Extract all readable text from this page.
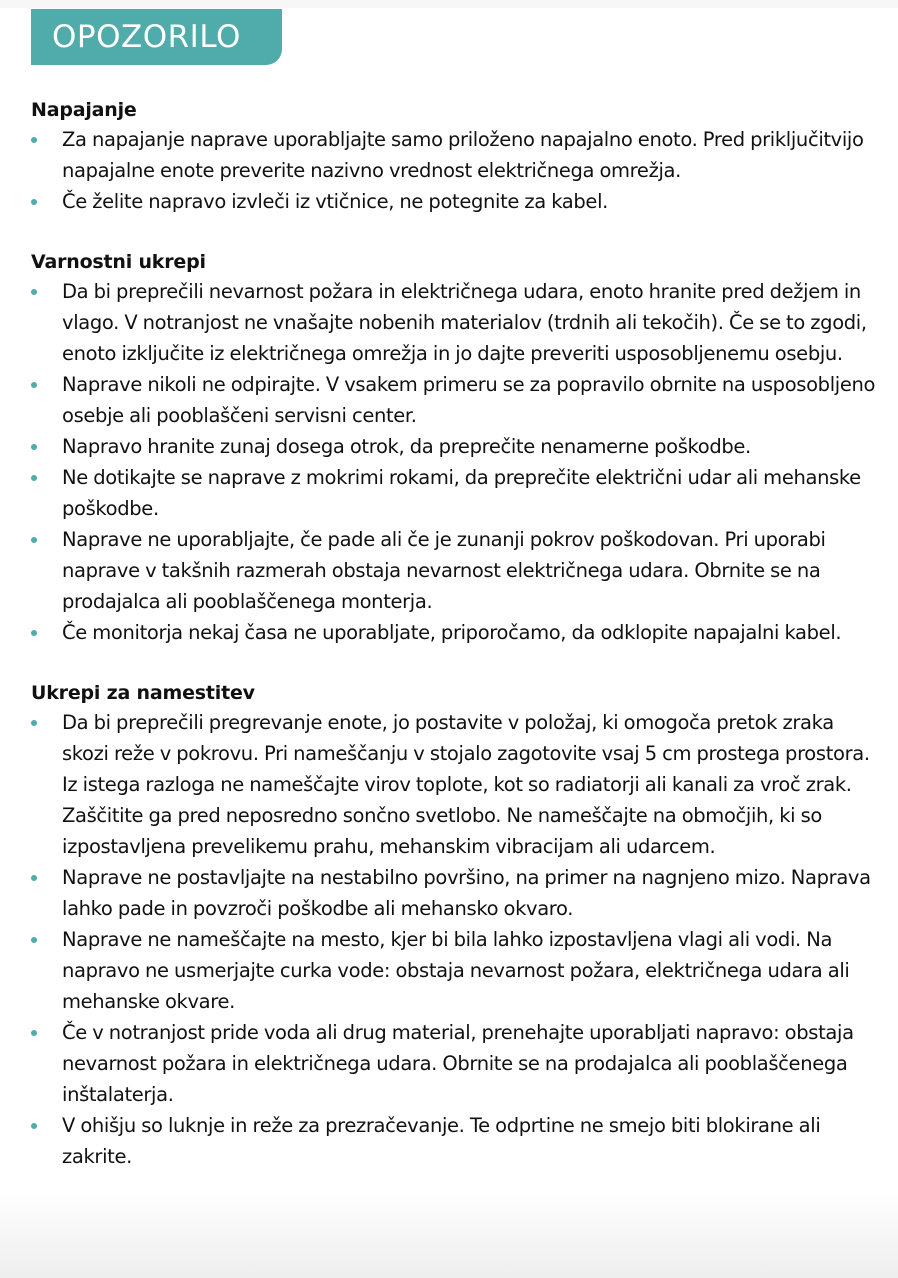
OPOZORILO
Napajanje
Za napajanje naprave uporabljajte samo priloženo napajalno enoto. Pred priključitvijo napajalne enote preverite nazivno vrednost električnega omrežja.
Če želite napravo izvleči iz vtičnice, ne potegnite za kabel.
Varnostni ukrepi
Da bi preprečili nevarnost požara in električnega udara, enoto hranite pred dežjem in vlago. V notranjost ne vnašajte nobenih materialov (trdnih ali tekočih). Če se to zgodi, enoto izključite iz električnega omrežja in jo dajte preveriti usposobljenemu osebju.
Naprave nikoli ne odpirajte. V vsakem primeru se za popravilo obrnite na usposobljeno osebje ali pooblaščeni servisni center.
Napravo hranite zunaj dosega otrok, da preprečite nenamerne poškodbe.
Ne dotikajte se naprave z mokrimi rokami, da preprečite električni udar ali mehanske poškodbe.
Naprave ne uporabljajte, če pade ali če je zunanji pokrov poškodovan. Pri uporabi naprave v takšnih razmerah obstaja nevarnost električnega udara. Obrnite se na prodajalca ali pooblaščenega monterja.
Če monitorja nekaj časa ne uporabljate, priporočamo, da odklopite napajalni kabel.
Ukrepi za namestitev
Da bi preprečili pregrevanje enote, jo postavite v položaj, ki omogoča pretok zraka skozi reže v pokrovu. Pri nameščanju v stojalo zagotovite vsaj 5 cm prostega prostora. Iz istega razloga ne nameščajte virov toplote, kot so radiatorji ali kanali za vroč zrak. Zaščitite ga pred neposredno sončno svetlobo. Ne nameščajte na območjih, ki so izpostavljena prevelikemu prahu, mehanskim vibracijam ali udarcem.
Naprave ne postavljajte na nestabilno površino, na primer na nagnjeno mizo. Naprava lahko pade in povzroči poškodbe ali mehansko okvaro.
Naprave ne nameščajte na mesto, kjer bi bila lahko izpostavljena vlagi ali vodi. Na napravo ne usmerjajte curka vode: obstaja nevarnost požara, električnega udara ali mehanske okvare.
Če v notranjost pride voda ali drug material, prenehajte uporabljati napravo: obstaja nevarnost požara in električnega udara. Obrnite se na prodajalca ali pooblaščenega inštalaterja.
V ohišju so luknje in reže za prezračevanje. Te odprtine ne smejo biti blokirane ali zakrite.
